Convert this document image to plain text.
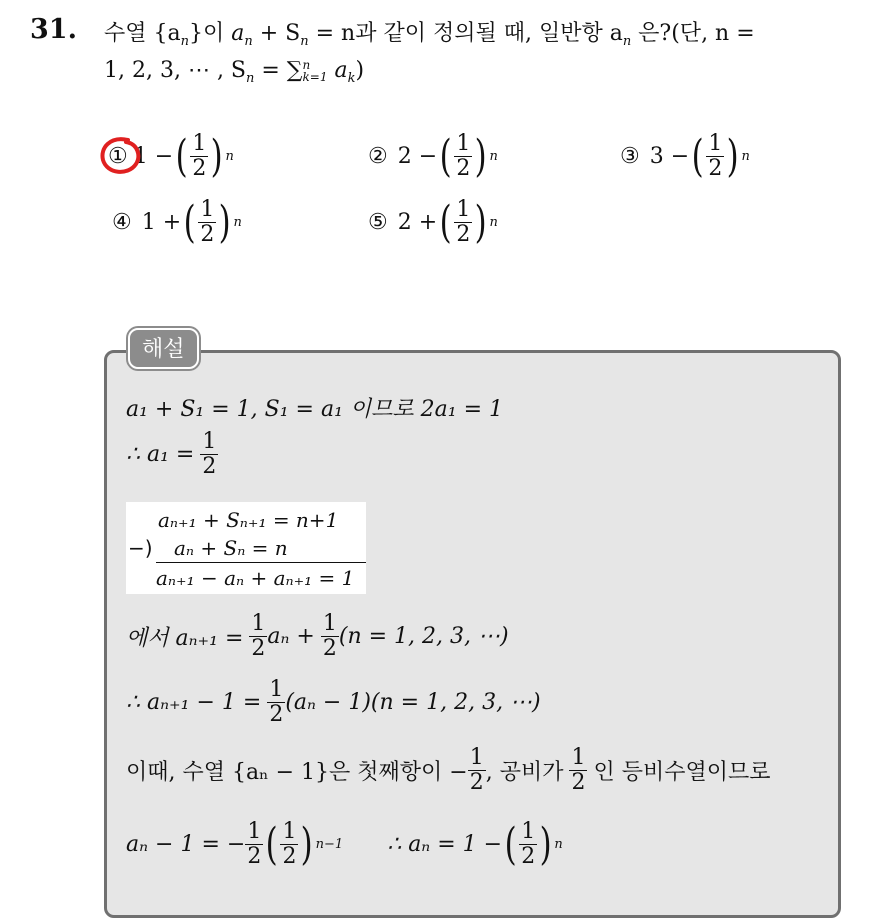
31. 수열 $\{a_n\}$이 $a_n + S_n = n$과 같이 정의될 때, 일반항 $a_n$ 은?(단, n =
1, 2, 3, ⋯ , $S_n$ = ∑ n
k=1 $a_k$)
① 1 − ( $\frac{1}{2}$ ) n	② 2 − ( $\frac{1}{2}$ ) n	③ 3 − ( $\frac{1}{2}$ ) n
④ 1 + ( $\frac{1}{2}$ ) n	⑤ 2 + ( $\frac{1}{2}$ ) n
해설
a₁ + S₁ = 1, S₁ = a₁ 이므로 2a₁ = 1
∴ $a_1 = \frac{1}{2}$
aₙ₊₁ + Sₙ₊₁ = n+1
−) aₙ + Sₙ = n
aₙ₊₁ − aₙ + aₙ₊₁ = 1
에서 $a_{n+1} = \frac{1}{2}$ $a_n + \frac{1}{2} (n = 1$, 2, 3, ⋯)
∴ $a_{n+1} - 1 = \frac{1}{2} (a_n - 1)(n = 1$, 2, 3, ⋯)
이때, 수열 {aₙ − 1}은 첫째항이 − $\frac{1}{2}$ , 공비가 $\frac{1}{2}$ 인 등비수열이므로
aₙ − 1 = − $\frac{1}{2}$ ( $\frac{1}{2}$ ) n−1 ∴ aₙ = 1 − ( $\frac{1}{2}$ ) n
